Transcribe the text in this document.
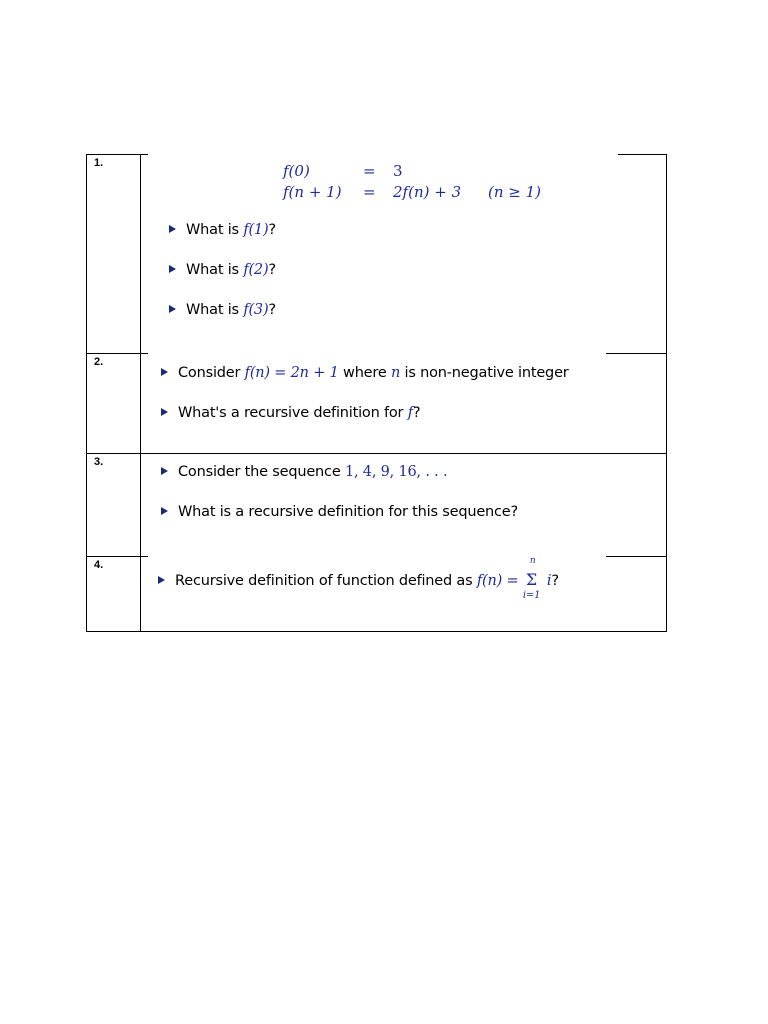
1.	f(0)	= 3
f(n + 1) = 2f(n) + 3 (n ≥ 1)
What is f(1)?
What is f(2)?
What is f(3)?
2.
Consider f(n) = 2n + 1 where n is non-negative integer
What's a recursive definition for f?
3.
Consider the sequence 1, 4, 9, 16, . . .
What is a recursive definition for this sequence?
4.
Recursive definition of function defined as f(n) =
n
Σ
i=1
i?
